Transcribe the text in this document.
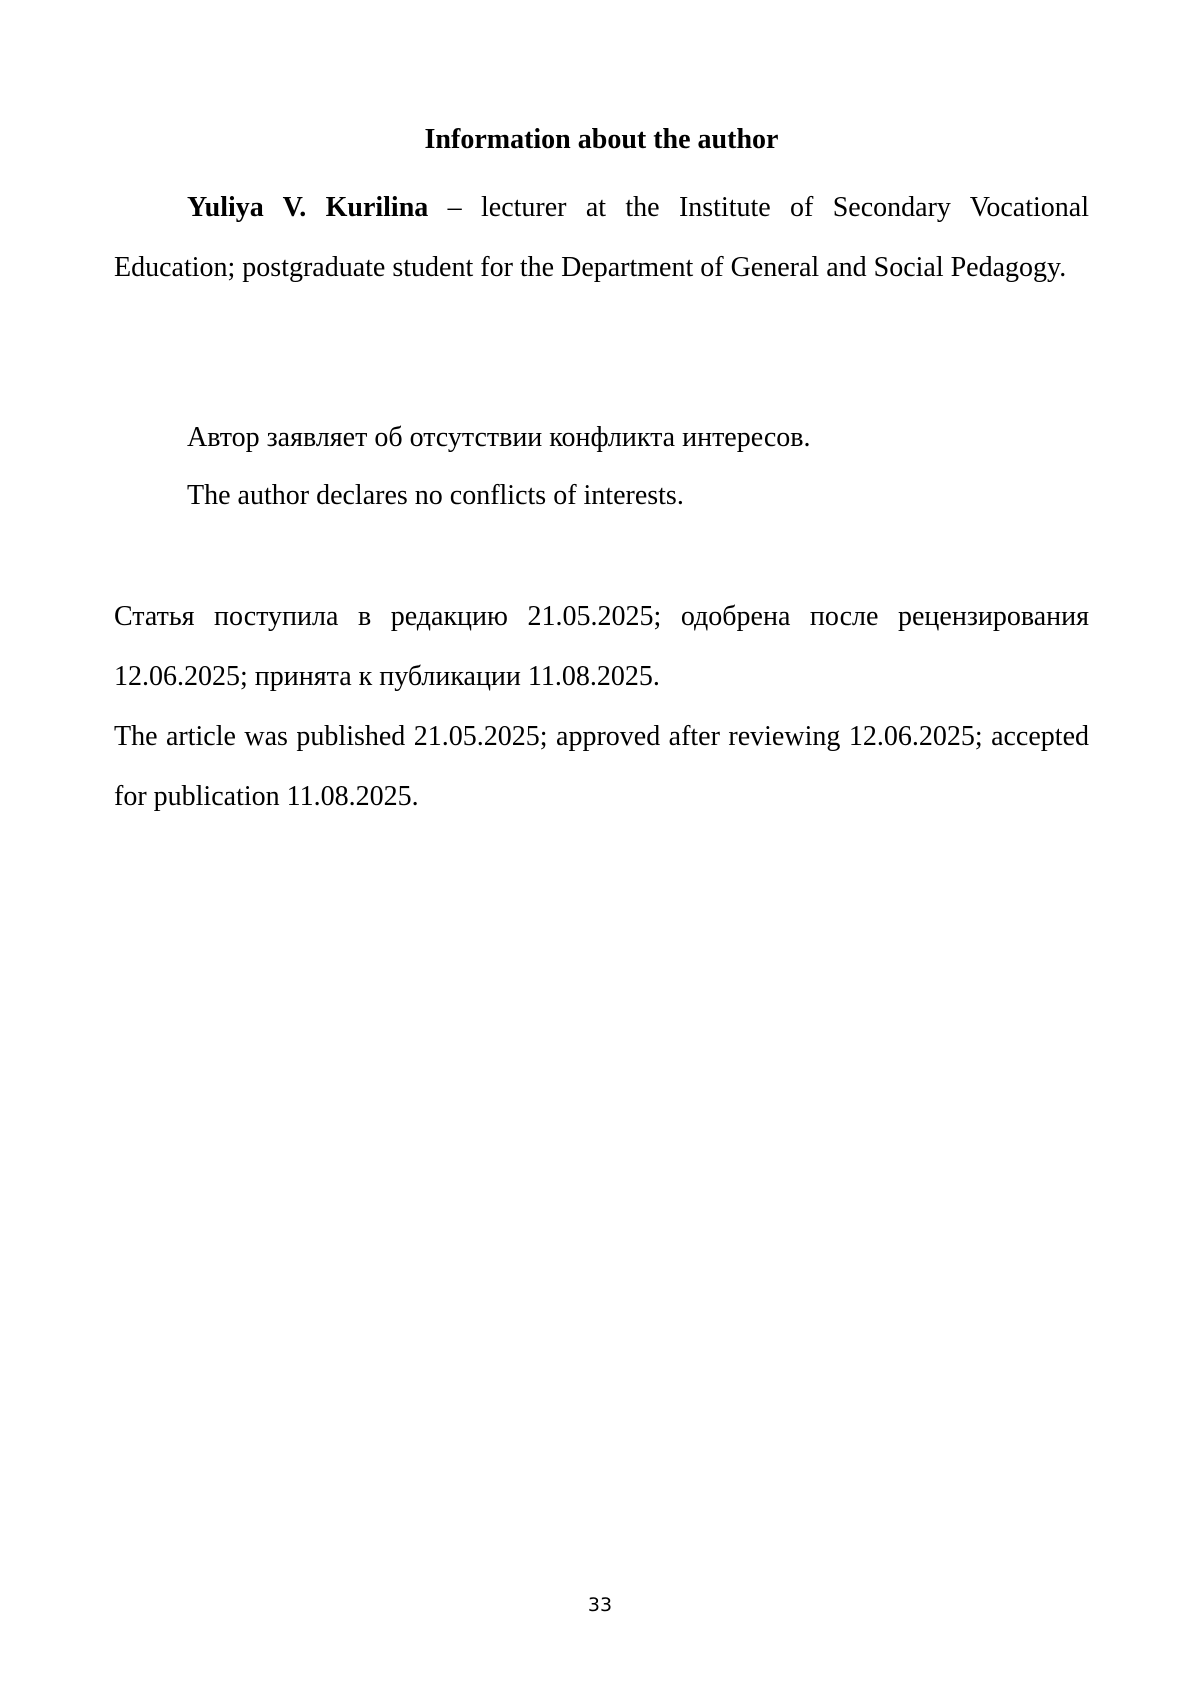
Information about the author

Yuliya V. Kurilina – lecturer at the Institute of Secondary Vocational Education; postgraduate student for the Department of General and Social Pedagogy.

Автор заявляет об отсутствии конфликта интересов.
The author declares no conflicts of interests.

Статья поступила в редакцию 21.05.2025; одобрена после рецензирования 12.06.2025; принята к публикации 11.08.2025.

The article was published 21.05.2025; approved after reviewing 12.06.2025; accepted for publication 11.08.2025.

33
